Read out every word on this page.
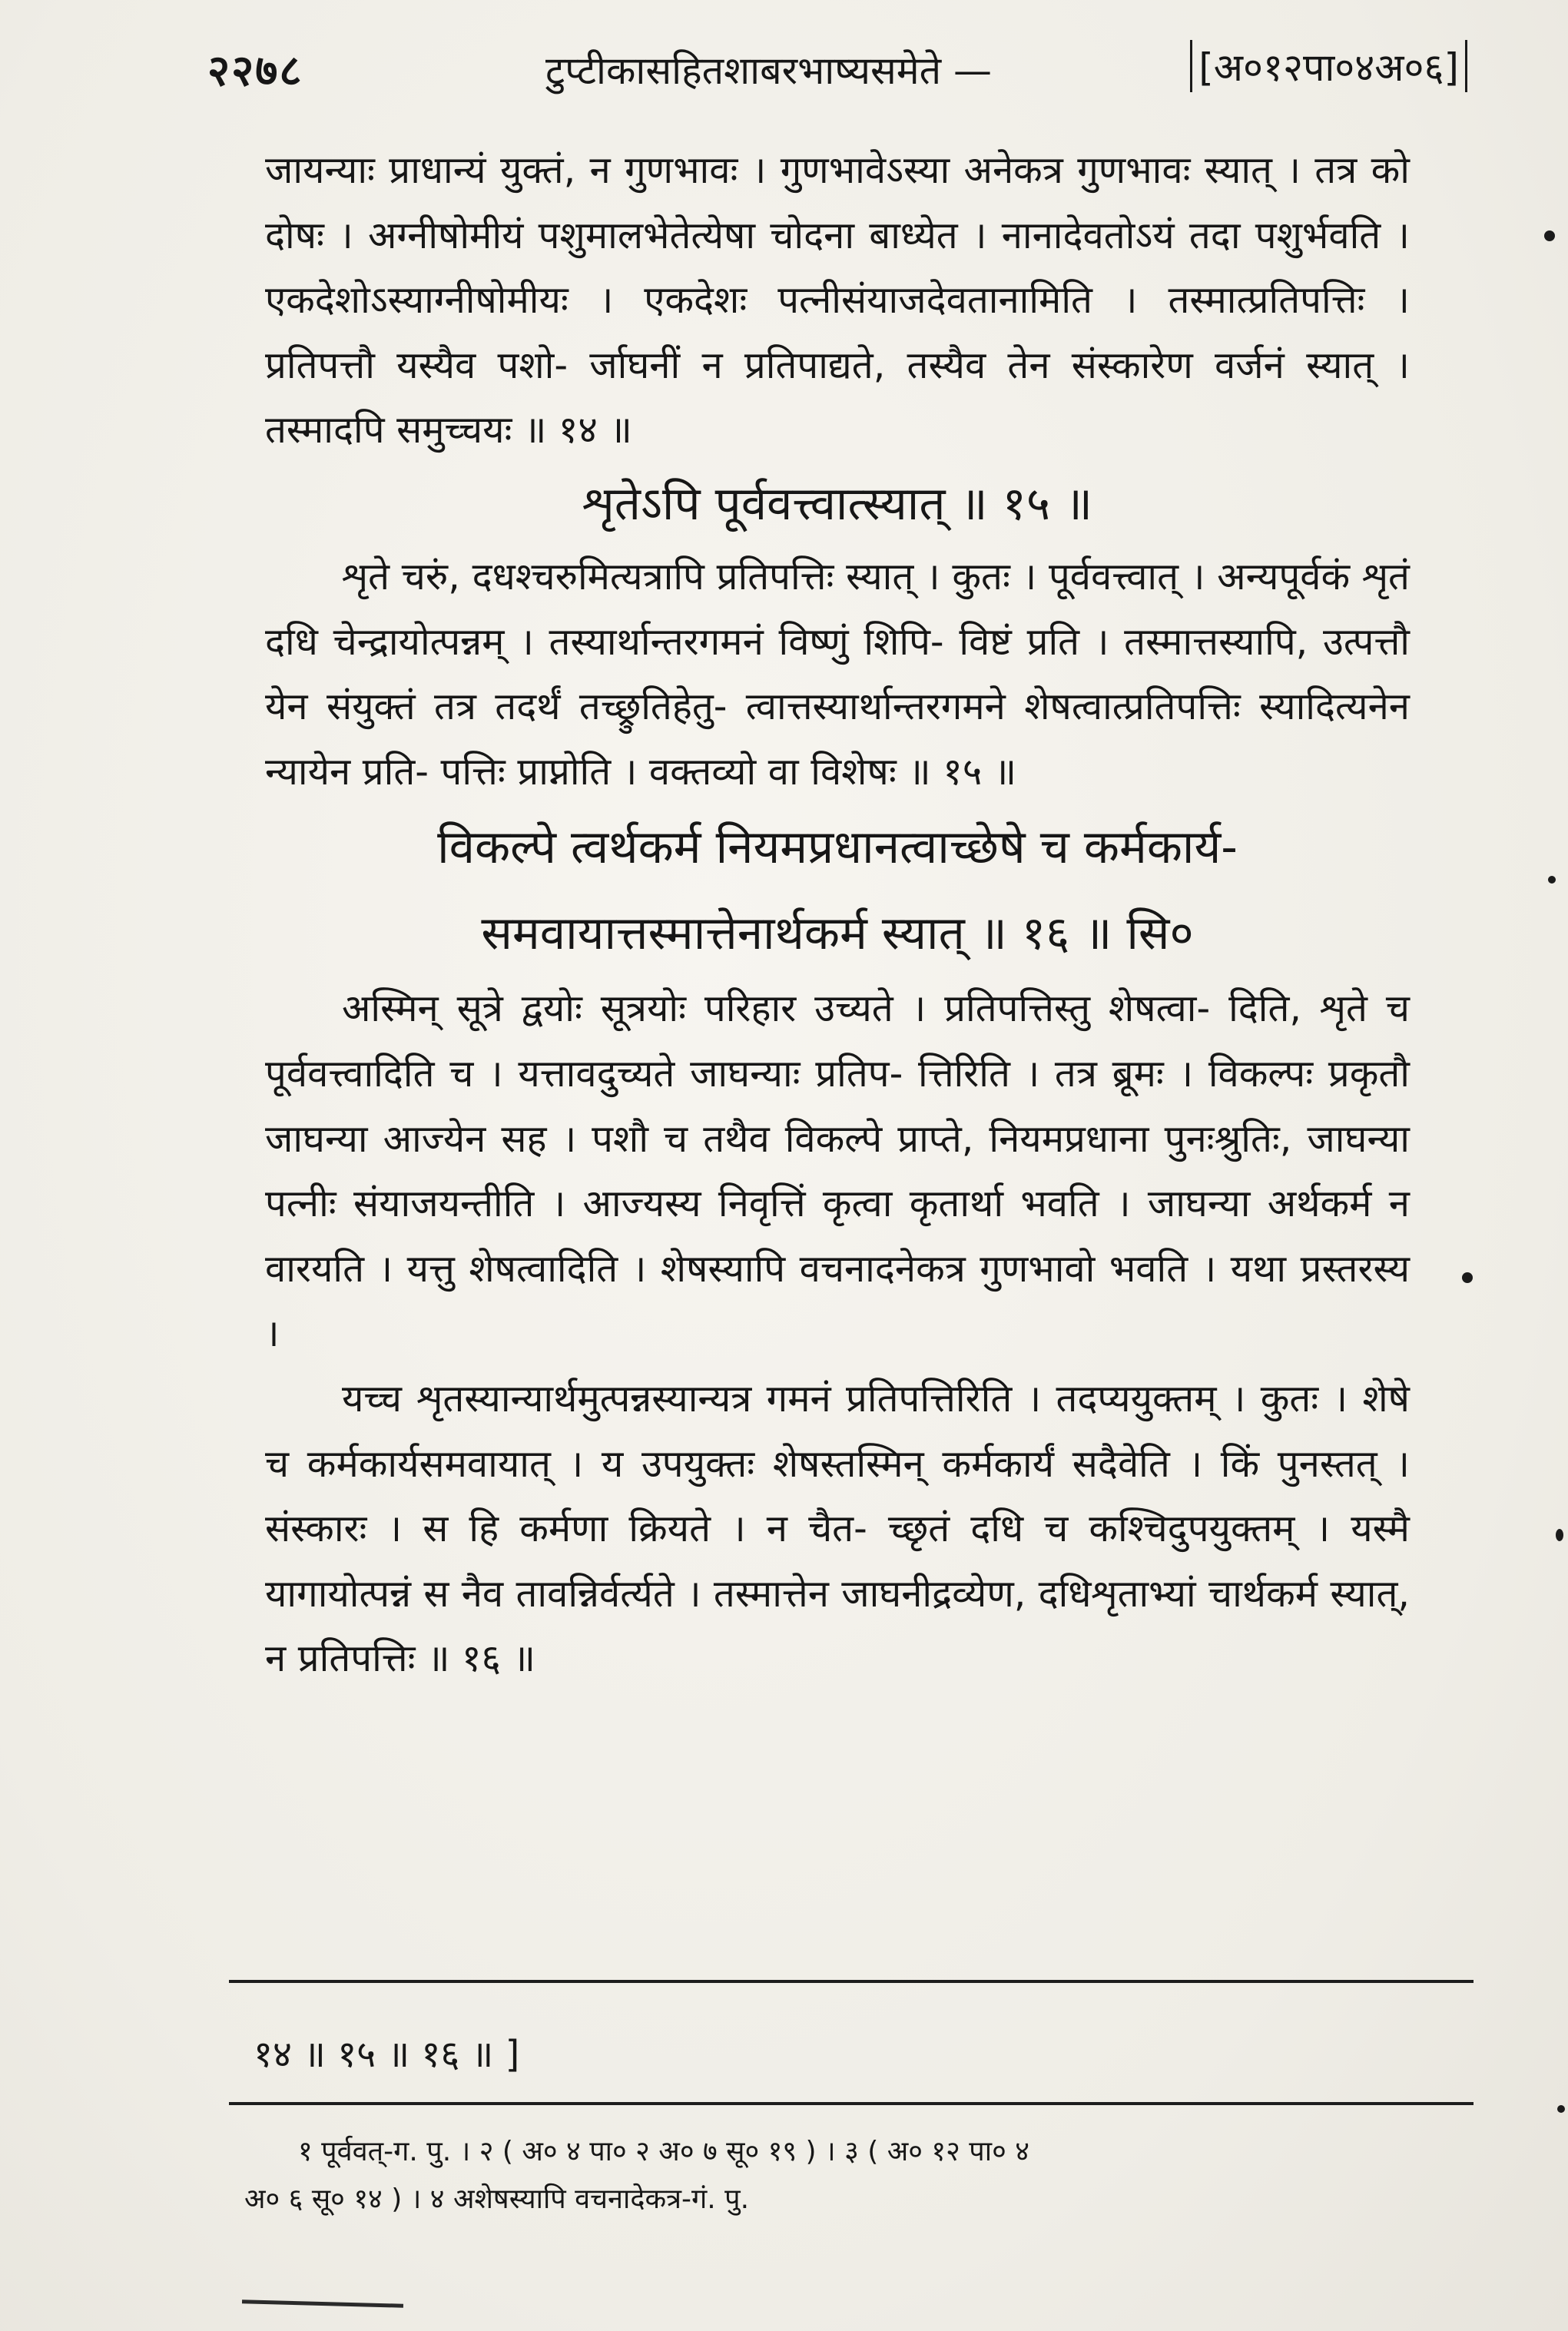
२२७८	टुप्टीकासहितशाबरभाष्यसमेते —	[अ०१२पा०४अ०६]

जायन्याः प्राधान्यं युक्तं, न गुणभावः । गुणभावेऽस्या अनेकत्र गुणभावः स्यात् । तत्र को दोषः । अग्नीषोमीयं पशुमालभेतेत्येषा चोदना बाध्येत । नानादेवतोऽयं तदा पशुर्भवति । एकदेशोऽस्याग्नीषोमीयः । एकदेशः पत्नीसंयाजदेवतानामिति । तस्मात्प्रतिपत्तिः । प्रतिपत्तौ यस्यैव पशो- र्जाघनीं न प्रतिपाद्यते, तस्यैव तेन संस्कारेण वर्जनं स्यात् । तस्मादपि समुच्चयः ॥ १४ ॥

शृतेऽपि पूर्ववत्त्वात्स्यात् ॥ १५ ॥

शृते चरुं, दधश्चरुमित्यत्रापि प्रतिपत्तिः स्यात् । कुतः । पूर्ववत्त्वात् । अन्यपूर्वकं शृतं दधि चेन्द्रायोत्पन्नम् । तस्यार्थान्तरगमनं विष्णुं शिपि- विष्टं प्रति । तस्मात्तस्यापि, उत्पत्तौ येन संयुक्तं तत्र तदर्थं तच्छ्रुतिहेतु- त्वात्तस्यार्थान्तरगमने शेषत्वात्प्रतिपत्तिः स्यादित्यनेन न्यायेन प्रति- पत्तिः प्राप्नोति । वक्तव्यो वा विशेषः ॥ १५ ॥

विकल्पे त्वर्थकर्म नियमप्रधानत्वाच्छेषे च कर्मकार्य-

समवायात्तस्मात्तेनार्थकर्म स्यात् ॥ १६ ॥ सि०

अस्मिन् सूत्रे द्वयोः सूत्रयोः परिहार उच्यते । प्रतिपत्तिस्तु शेषत्वा- दिति, शृते च पूर्ववत्त्वादिति च । यत्तावदुच्यते जाघन्याः प्रतिप- त्तिरिति । तत्र ब्रूमः । विकल्पः प्रकृतौ जाघन्या आज्येन सह । पशौ च तथैव विकल्पे प्राप्ते, नियमप्रधाना पुनःश्रुतिः, जाघन्या पत्नीः संयाजयन्तीति । आज्यस्य निवृत्तिं कृत्वा कृतार्था भवति । जाघन्या अर्थकर्म न वारयति । यत्तु शेषत्वादिति । शेषस्यापि वचनादनेकत्र गुणभावो भवति । यथा प्रस्तरस्य ।

यच्च शृतस्यान्यार्थमुत्पन्नस्यान्यत्र गमनं प्रतिपत्तिरिति । तदप्ययुक्तम् । कुतः । शेषे च कर्मकार्यसमवायात् । य उपयुक्तः शेषस्तस्मिन् कर्मकार्यं सदैवेति । किं पुनस्तत् । संस्कारः । स हि कर्मणा क्रियते । न चैत- च्छृतं दधि च कश्चिदुपयुक्तम् । यस्मै यागायोत्पन्नं स नैव तावन्निर्वर्त्यते । तस्मात्तेन जाघनीद्रव्येण, दधिशृताभ्यां चार्थकर्म स्यात्, न प्रतिपत्तिः ॥ १६ ॥

१४ ॥ १५ ॥ १६ ॥ ]

१ पूर्ववत्-ग. पु. । २ ( अ० ४ पा० २ अ० ७ सू० १९ ) । ३ ( अ० १२ पा० ४

अ० ६ सू० १४ ) । ४ अशेषस्यापि वचनादेकत्र-गं. पु.
